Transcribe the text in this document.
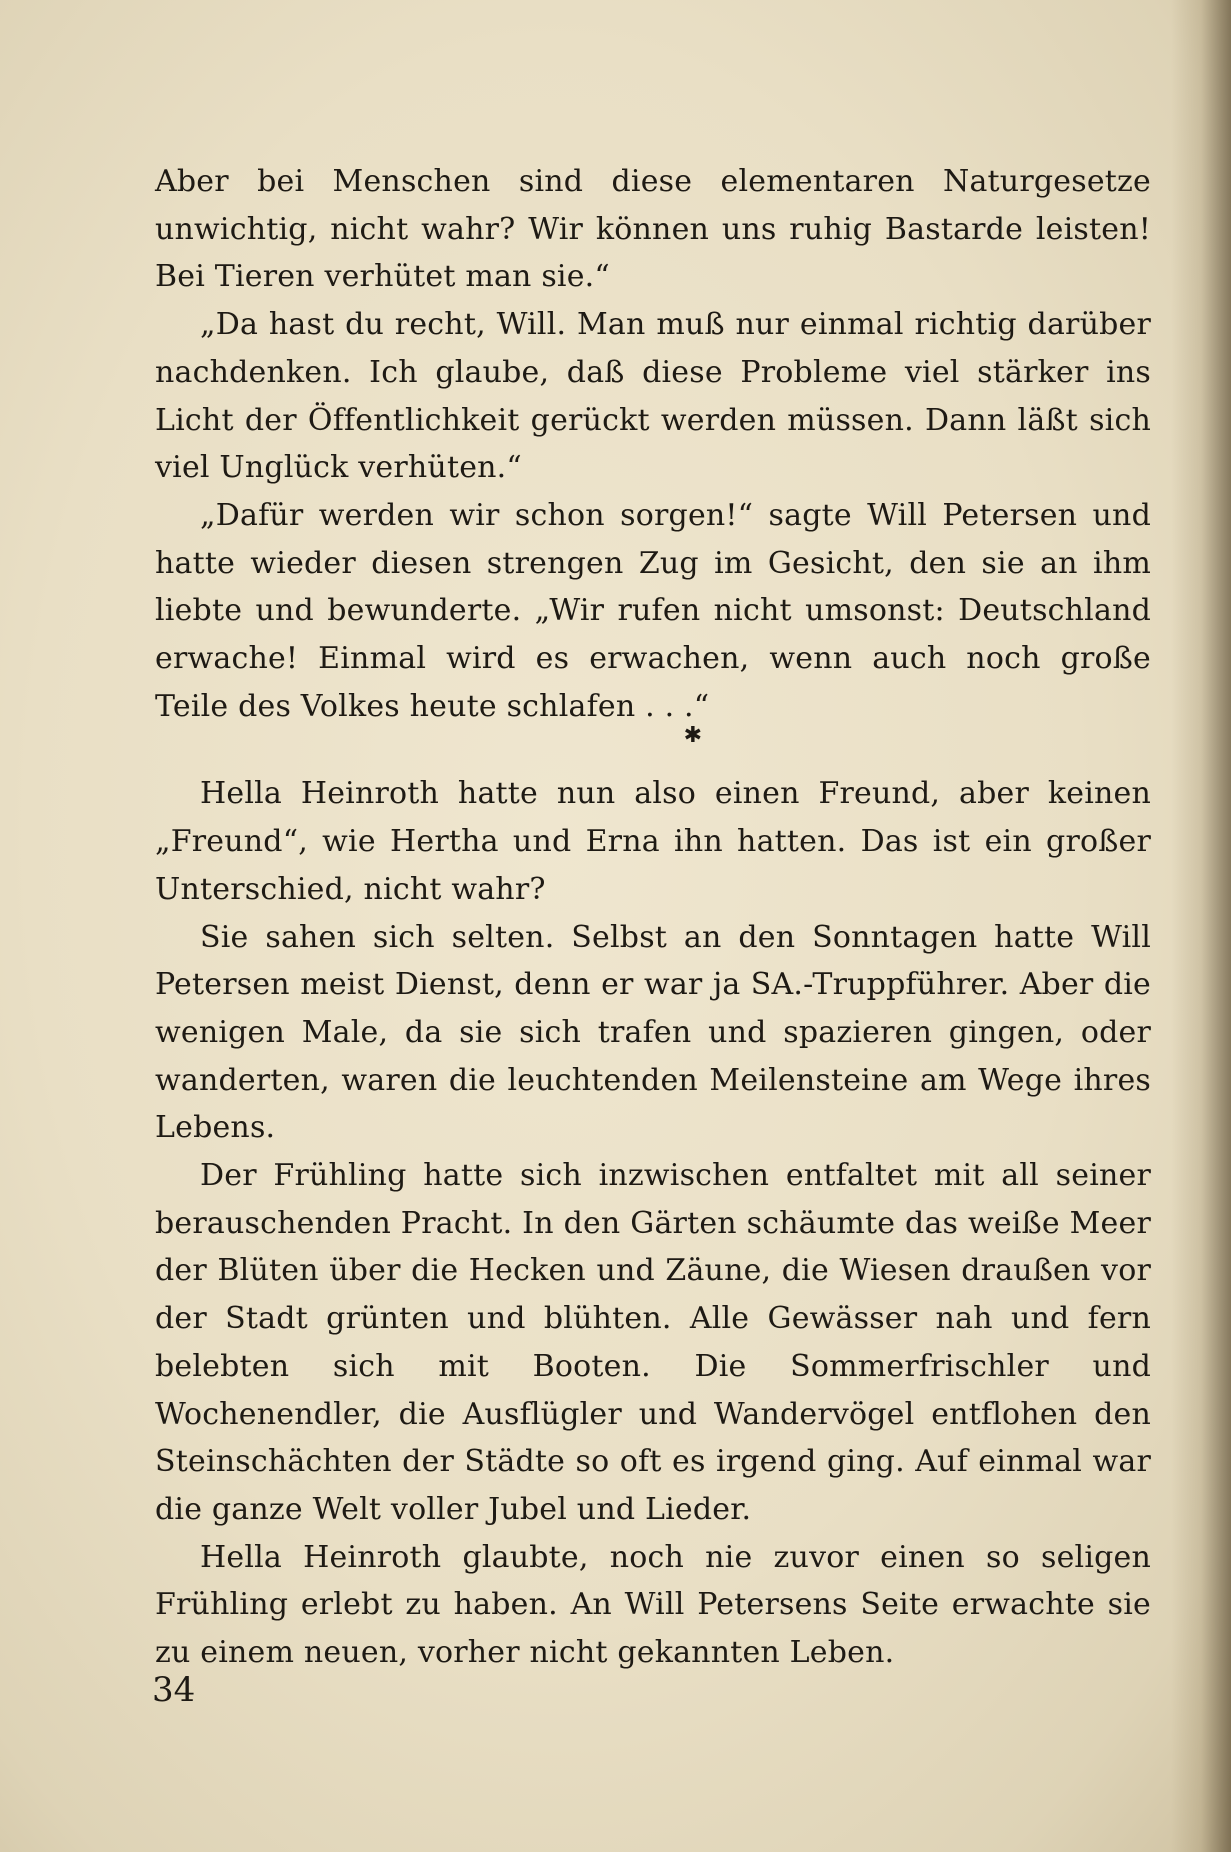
Aber bei Menschen sind diese elementaren Naturgesetze unwichtig, nicht wahr? Wir können uns ruhig Bastarde leisten! Bei Tieren verhütet man sie.“

„Da hast du recht, Will. Man muß nur einmal richtig darüber nachdenken. Ich glaube, daß diese Probleme viel stärker ins Licht der Öffentlichkeit gerückt werden müssen. Dann läßt sich viel Unglück verhüten.“

„Dafür werden wir schon sorgen!“ sagte Will Petersen und hatte wieder diesen strengen Zug im Gesicht, den sie an ihm liebte und bewunderte. „Wir rufen nicht umsonst: Deutschland erwache! Einmal wird es erwachen, wenn auch noch große Teile des Volkes heute schlafen . . .“

✱

Hella Heinroth hatte nun also einen Freund, aber keinen „Freund“, wie Hertha und Erna ihn hatten. Das ist ein großer Unterschied, nicht wahr?

Sie sahen sich selten. Selbst an den Sonntagen hatte Will Petersen meist Dienst, denn er war ja SA.-Truppführer. Aber die wenigen Male, da sie sich trafen und spazieren gingen, oder wanderten, waren die leuchtenden Meilensteine am Wege ihres Lebens.

Der Frühling hatte sich inzwischen entfaltet mit all seiner berauschenden Pracht. In den Gärten schäumte das weiße Meer der Blüten über die Hecken und Zäune, die Wiesen draußen vor der Stadt grünten und blühten. Alle Gewässer nah und fern belebten sich mit Booten. Die Sommerfrischler und Wochenendler, die Ausflügler und Wandervögel entflohen den Steinschächten der Städte so oft es irgend ging. Auf einmal war die ganze Welt voller Jubel und Lieder.

Hella Heinroth glaubte, noch nie zuvor einen so seligen Frühling erlebt zu haben. An Will Petersens Seite erwachte sie zu einem neuen, vorher nicht gekannten Leben.

34
